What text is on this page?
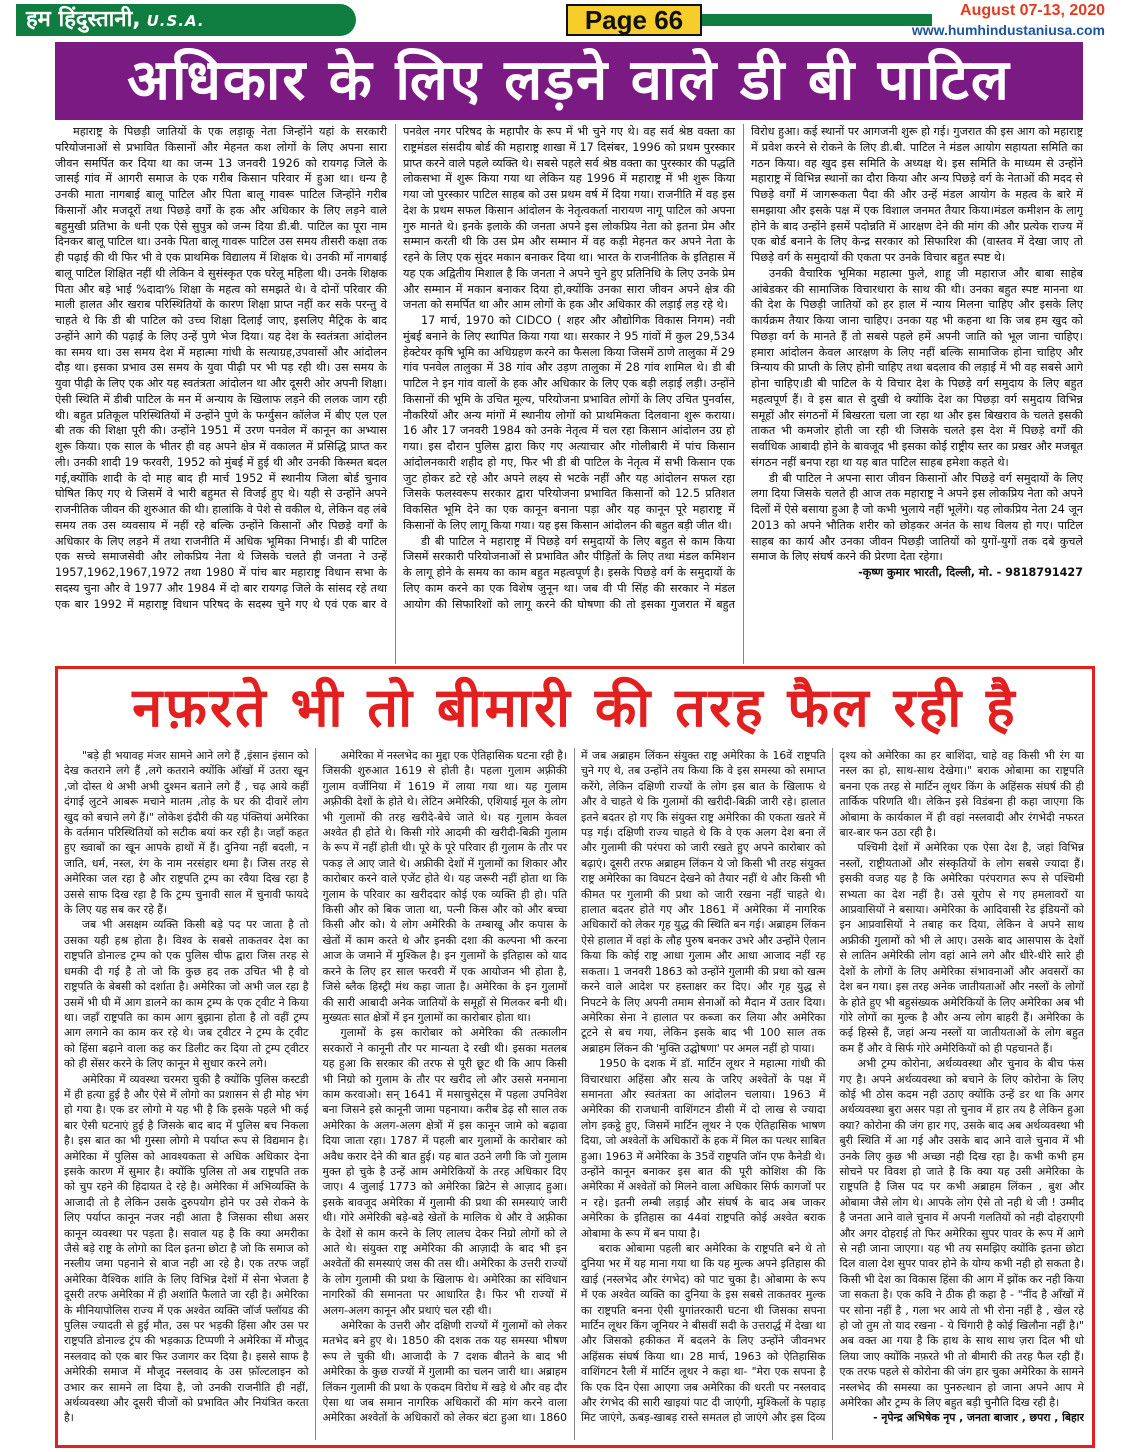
हम हिंदुस्तानी, U.S.A.	Page 66	August 07-13, 2020
www.humhindustaniusa.com
अधिकार के लिए लड़ने वाले डी बी पाटिल

महाराष्ट्र के पिछड़ी जातियों के एक लड़ाकू नेता जिन्होंने यहां के सरकारी परियोजनाओं से प्रभावित किसानों और मेहनत कश लोगों के लिए अपना सारा जीवन समर्पित कर दिया था का जन्म 13 जनवरी 1926 को रायगढ़ जिले के जासई गांव में आगरी समाज के एक गरीब किसान परिवार में हुआ था। धन्य है उनकी माता नागबाई बालू पाटिल और पिता बालू गावरू पाटिल जिन्होंने गरीब किसानों और मजदूरों तथा पिछड़े वर्गों के हक और अधिकार के लिए लड़ने वाले बहुमुखी प्रतिभा के धनी एक ऐसे सुपुत्र को जन्म दिया डी.बी. पाटिल का पूरा नाम दिनकर बालू पाटिल था। उनके पिता बालू गावरू पाटिल उस समय तीसरी कक्षा तक ही पढ़ाई की थी फिर भी वे एक प्राथमिक विद्यालय में शिक्षक थे। उनकी माँ नागबाई बालू पाटिल शिक्षित नहीं थी लेकिन वे सुसंस्कृत एक घरेलू महिला थी। उनके शिक्षक पिता और बड़े भाई %दादा% शिक्षा के महत्व को समझते थे। वे दोनों परिवार की माली हालत और खराब परिस्थितियों के कारण शिक्षा प्राप्त नहीं कर सके परन्तु वे चाहते थे कि डी बी पाटिल को उच्च शिक्षा दिलाई जाए, इसलिए मैट्रिक के बाद उन्होंने आगे की पढ़ाई के लिए उन्हें पुणे भेज दिया। यह देश के स्वतंत्रता आंदोलन का समय था। उस समय देश में महात्मा गांधी के सत्याग्रह,उपवासों और आंदोलन दौड़ था। इसका प्रभाव उस समय के युवा पीढ़ी पर भी पड़ रही थी। उस समय के युवा पीढ़ी के लिए एक ओर यह स्वतंत्रता आंदोलन था और दूसरी ओर अपनी शिक्षा। ऐसी स्थिति में डीबी पाटिल के मन में अन्याय के खिलाफ लड़ने की ललक जाग रही थी। बहुत प्रतिकूल परिस्थितियों में उन्होंने पुणे के फर्ग्युसन कॉलेज में बीए एल एल बी तक की शिक्षा पूरी की। उन्होंने 1951 में उरण पनवेल में कानून का अभ्यास शुरू किया। एक साल के भीतर ही वह अपने क्षेत्र में वकालत में प्रसिद्धि प्राप्त कर ली। उनकी शादी 19 फरवरी, 1952 को मुंबई में हुई थी और उनकी किस्मत बदल गई,क्योंकि शादी के दो माह बाद ही मार्च 1952 में स्थानीय जिला बोर्ड चुनाव घोषित किए गए थे जिसमें वे भारी बहुमत से विजई हुए थे। यही से उन्होंने अपने राजनीतिक जीवन की शुरुआत की थी। हालांकि वे पेशे से वकील थे, लेकिन वह लंबे समय तक उस व्यवसाय में नहीं रहे बल्कि उन्होंने किसानों और पिछड़े वर्गों के अधिकार के लिए लड़ने में तथा राजनीति में अधिक भूमिका निभाई। डी बी पाटिल एक सच्चे समाजसेवी और लोकप्रिय नेता थे जिसके चलते ही जनता ने उन्हें 1957,1962,1967,1972 तथा 1980 में पांच बार महाराष्ट्र विधान सभा के सदस्य चुना और वे 1977 और 1984 में दो बार रायगढ़ जिले के सांसद रहे तथा एक बार 1992 में महाराष्ट्र विधान परिषद के सदस्य चुने गए थे एवं एक बार वे पनवेल नगर परिषद के महापौर के रूप में भी चुने गए थे। वह सर्व श्रेष्ठ वक्ता का राष्ट्रमंडल संसदीय बोर्ड की महाराष्ट्र शाखा में 17 दिसंबर, 1996 को प्रथम पुरस्कार प्राप्त करने वाले पहले व्यक्ति थे। सबसे पहले सर्व श्रेष्ठ वक्ता का पुरस्कार की पद्धति लोकसभा में शुरू किया गया था लेकिन यह 1996 में महाराष्ट्र में भी शुरू किया गया जो पुरस्कार पाटिल साहब को उस प्रथम वर्ष में दिया गया। राजनीति में वह इस देश के प्रथम सफल किसान आंदोलन के नेतृत्वकर्ता नारायण नागू पाटिल को अपना गुरु मानते थे। इनके इलाके की जनता अपने इस लोकप्रिय नेता को इतना प्रेम और सम्मान करती थी कि उस प्रेम और सम्मान में वह कड़ी मेहनत कर अपने नेता के रहने के लिए एक सुंदर मकान बनाकर दिया था। भारत के राजनीतिक के इतिहास में यह एक अद्वितीय मिशाल है कि जनता ने अपने चुने हुए प्रतिनिधि के लिए उनके प्रेम और सम्मान में मकान बनाकर दिया हो,क्योंकि उनका सारा जीवन अपने क्षेत्र की जनता को समर्पित था और आम लोगों के हक और अधिकार की लड़ाई लड़ रहे थे।

17 मार्च, 1970 को CIDCO ( शहर और औद्योगिक विकास निगम) नवी मुंबई बनाने के लिए स्थापित किया गया था। सरकार ने 95 गांवों में कुल 29,534 हेक्टेयर कृषि भूमि का अधिग्रहण करने का फैसला किया जिसमें ठाणे तालुका में 29 गांव पनवेल तालुका में 38 गांव और उड़ण तालुका में 28 गांव शामिल थे। डी बी पाटिल ने इन गांव वालों के हक और अधिकार के लिए एक बड़ी लड़ाई लड़ी। उन्होंने किसानों की भूमि के उचित मूल्य, परियोजना प्रभावित लोगों के लिए उचित पुनर्वास, नौकरियों और अन्य मांगों में स्थानीय लोगों को प्राथमिकता दिलवाना शुरू कराया। 16 और 17 जनवरी 1984 को उनके नेतृत्व में चल रहा किसान आंदोलन उग्र हो गया। इस दौरान पुलिस द्वारा किए गए अत्याचार और गोलीबारी में पांच किसान आंदोलनकारी शहीद हो गए, फिर भी डी बी पाटिल के नेतृत्व में सभी किसान एक जुट होकर डटे रहे और अपने लक्ष्य से भटके नहीं और यह आंदोलन सफल रहा जिसके फलस्वरूप सरकार द्वारा परियोजना प्रभावित किसानों को 12.5 प्रतिशत विकसित भूमि देने का एक कानून बनाना पड़ा और यह कानून पूरे महाराष्ट्र में किसानों के लिए लागू किया गया। यह इस किसान आंदोलन की बहुत बड़ी जीत थी।

डी बी पाटिल ने महाराष्ट्र में पिछड़े वर्ग समुदायों के लिए बहुत से काम किया जिसमें सरकारी परियोजनाओं से प्रभावित और पीड़ितों के लिए तथा मंडल कमिशन के लागू होने के समय का काम बहुत महत्वपूर्ण है। इसके पिछड़े वर्ग के समुदायों के लिए काम करने का एक विशेष जुनून था। जब वी पी सिंह की सरकार ने मंडल आयोग की सिफारिशों को लागू करने की घोषणा की तो इसका गुजरात में बहुत विरोध हुआ। कई स्थानों पर आगजनी शुरू हो गई। गुजरात की इस आग को महाराष्ट्र में प्रवेश करने से रोकने के लिए डी.बी. पाटिल ने मंडल आयोग सहायता समिति का गठन किया। वह खुद इस समिति के अध्यक्ष थे। इस समिति के माध्यम से उन्होंने महाराष्ट्र में विभिन्न स्थानों का दौरा किया और अन्य पिछड़े वर्ग के नेताओं की मदद से पिछड़े वर्गों में जागरूकता पैदा की और उन्हें मंडल आयोग के महत्व के बारे में समझाया और इसके पक्ष में एक विशाल जनमत तैयार किया।मंडल कमीशन के लागू होने के बाद उन्होंने इसमें पदोन्नति में आरक्षण देने की मांग की और प्रत्येक राज्य में एक बोर्ड बनाने के लिए केन्द्र सरकार को सिफारिश की (वास्तव में देखा जाए तो पिछड़े वर्ग के समुदायों की एकता पर उनके विचार बहुत स्पष्ट थे।

उनकी वैचारिक भूमिका महात्मा फुले, शाहू जी महाराज और बाबा साहेब आंबेडकर की सामाजिक विचारधारा के साथ की थी। उनका बहुत स्पष्ट मानना था की देश के पिछड़ी जातियों को हर हाल में न्याय मिलना चाहिए और इसके लिए कार्यक्रम तैयार किया जाना चाहिए। उनका यह भी कहना था कि जब हम खुद को पिछड़ा वर्ग के मानते हैं तो सबसे पहले हमें अपनी जाति को भूल जाना चाहिए। हमारा आंदोलन केवल आरक्षण के लिए नहीं बल्कि सामाजिक होना चाहिए और त्रिन्याय की प्राप्ती के लिए होनी चाहिए तथा बदलाव की लड़ाई में भी वह सबसे आगे होना चाहिए।डी बी पाटिल के ये विचार देश के पिछड़े वर्ग समुदाय के लिए बहुत महत्वपूर्ण हैं। वे इस बात से दुखी थे क्योंकि देश का पिछड़ा वर्ग समुदाय विभिन्न समूहों और संगठनों में बिखरता चला जा रहा था और इस बिखराव के चलते इसकी ताकत भी कमजोर होती जा रही थी जिसके चलते इस देश में पिछड़े वर्गों की सर्वाधिक आबादी होने के बावजूद भी इसका कोई राष्ट्रीय स्तर का प्रखर और मजबूत संगठन नहीं बनपा रहा था यह बात पाटिल साहब हमेशा कहते थे।

डी बी पाटिल ने अपना सारा जीवन किसानों और पिछड़े वर्ग समुदायों के लिए लगा दिया जिसके चलते ही आज तक महाराष्ट्र ने अपने इस लोकप्रिय नेता को अपने दिलों में ऐसे बसाया हुआ है जो कभी भुलाये नहीं भूलेंगे। यह लोकप्रिय नेता 24 जून 2013 को अपने भौतिक शरीर को छोड़कर अनंत के साथ विलय हो गए। पाटिल साहब का कार्य और उनका जीवन पिछड़ी जातियों को युगों-युगों तक दबे कुचले समाज के लिए संघर्ष करने की प्रेरणा देता रहेगा।

-कृष्ण कुमार भारती, दिल्ली, मो. - 9818791427

नफ़रते भी तो बीमारी की तरह फैल रही है

"बड़े ही भयावह मंजर सामने आने लगे हैं ,इंसान इंसान को देख कतराने लगे हैं ,लगे कतराने क्योंकि आँखों में उतरा खून ,जो दोस्त थे अभी अभी दुश्मन बताने लगे हैं , चढ़ आये कहीं दंगाई लुटने आबरू मचाने मातम ,तोड़ के घर की दीवारें लोग खुद को बचाने लगे हैं।" लोकेश इंदौरी की यह पंक्तियां अमेरिका के वर्तमान परिस्थितियों को सटीक बयां कर रही है। जहाँ कहत हुए ख्वाबों का खून आपके हाथों में हैं। दुनिया नहीं बदली, न जाति, धर्म, नस्ल, रंग के नाम नरसंहार थमा है। जिस तरह से अमेरिका जल रहा है और राष्ट्रपति ट्रम्प का रवैया दिख रहा है उससे साफ दिख रहा है कि ट्रम्प चुनावी साल में चुनावी फायदे के लिए यह सब कर रहे हैं।

जब भी असक्षम व्यक्ति किसी बड़े पद पर जाता है तो उसका यही हश्र होता है। विश्व के सबसे ताकतवर देश का राष्ट्रपति डोनाल्ड ट्रम्प को एक पुलिस चीफ द्वारा जिस तरह से धमकी दी गई है तो जो कि कुछ हद तक उचित भी है वो राष्ट्रपति के बेबसी को दर्शाता है। अमेरिका जो अभी जल रहा है उसमें भी घी में आग डालने का काम ट्रम्प के एक ट्वीट ने किया था। जहाँ राष्ट्रपति का काम आग बुझाना होता है तो वहीं ट्रम्प आग लगाने का काम कर रहे थे। जब ट्वीटर ने ट्रम्प के ट्वीट को हिंसा बढ़ाने वाला कह कर डिलीट कर दिया तो ट्रम्प ट्वीटर को ही सेंसर करने के लिए कानून मे सुधार करने लगे।

अमेरिका में व्यवस्था चरमरा चुकी है क्योंकि पुलिस कस्टडी में ही हत्या हुई है और ऐसे में लोगो का प्रशासन से ही मोह भंग हो गया है। एक डर लोगो मे यह भी है कि इसके पहले भी कई बार ऐसी घटनाएं हुई है जिसके बाद बाद में पुलिस बच निकला है। इस बात का भी गुस्सा लोगो मे पर्याप्त रूप से विद्यमान है। अमेरिका में पुलिस को आवश्यकता से अधिक अधिकार देना इसके कारण में सुमार है। क्योंकि पुलिस तो अब राष्ट्रपति तक को चुप रहने की हिदायत दे रहे है। अमेरिका में अभिव्यक्ति के आजादी तो है लेकिन उसके दुरुपयोग होने पर उसे रोकने के लिए पर्याप्त कानून नजर नही आता है जिसका सीधा असर कानून व्यवस्था पर पड़ता है। सवाल यह है कि क्या अमरीका जैसे बड़े राष्ट्र के लोगो का दिल इतना छोटा है जो कि समाज को नस्लीय जमा पहनाने से बाज नही आ रहे है। एक तरफ जहाँ अमेरिका वैश्विक शांति के लिए विभिन्न देशों में सेना भेजता है दूसरी तरफ अमेरिका में ही अशांति फैलाते जा रही है। अमेरिका के मीनियापोलिस राज्य में एक अश्वेत व्यक्ति जॉर्ज फ्लॉयड की पुलिस ज्यादती से हुई मौत, उस पर भड़की हिंसा और उस पर राष्ट्रपति डोनाल्ड ट्रंप की भड़काऊ टिप्पणी ने अमेरिका में मौजूद नस्लवाद को एक बार फिर उजागर कर दिया है। इससे साफ है अमेरिकी समाज में मौजूद नस्लवाद के उस फ़ॉल्टलाइन को उभार कर सामने ला दिया है, जो उनकी राजनीति ही नहीं, अर्थव्यवस्था और दूसरी चीजों को प्रभावित और नियंत्रित करता है।

अमेरिका में नस्लभेद का मुद्दा एक ऐतिहासिक घटना रही है। जिसकी शुरुआत 1619 से होती है। पहला गुलाम अफ़्रीकी गुलाम वर्जीनिया में 1619 में लाया गया था। यह गुलाम अफ़्रीकी देशों के होते थे। लेटिन अमेरिकी, एशियाई मूल के लोग भी गुलामों की तरह खरीदे-बेचे जाते थे। यह गुलाम केवल अश्वेत ही होते थे। किसी गोरे आदमी की खरीदी-बिक्री गुलाम के रूप में नहीं होती थी। पूरे के पूरे परिवार ही गुलाम के तौर पर पकड़ ले आए जाते थे। अफ्रीकी देशों में गुलामों का शिकार और कारोबार करने वाले एजेंट होते थे। यह जरूरी नहीं होता था कि गुलाम के परिवार का खरीददार कोई एक व्यक्ति ही हो। पति किसी और को बिक जाता था, पत्नी किस और को और बच्चा किसी और को। ये लोग अमेरिकी के तम्बाखू और कपास के खेतों में काम करते थे और इनकी दशा की कल्पना भी करना आज के जमाने में मुश्किल है। इन गुलामों के इतिहास को याद करने के लिए हर साल फरवरी में एक आयोजन भी होता है, जिसे ब्लैक हिस्ट्री मंथ कहा जाता है। अमेरिका के इन गुलामों की सारी आबादी अनेक जातियों के समूहों से मिलकर बनी थी। मुख्यतः सात क्षेत्रों में इन गुलामों का कारोबार होता था।

गुलामों के इस कारोबार को अमेरिका की तत्कालीन सरकारों ने कानूनी तौर पर मान्यता दे रखी थी। इसका मतलब यह हुआ कि सरकार की तरफ से पूरी छूट थी कि आप किसी भी निग्रो को गुलाम के तौर पर खरीद लो और उससे मनमाना काम करवाओ। सन् 1641 में मसाचुसेट्स में पहला उपनिवेश बना जिसने इसे कानूनी जामा पहनाया। करीब डेढ़ सौ साल तक अमेरिका के अलग-अलग क्षेत्रों में इस कानून जामे को बढ़ावा दिया जाता रहा। 1787 में पहली बार गुलामों के कारोबार को अवैध करार देने की बात हुई। यह बात उठने लगी कि जो गुलाम मुक्त हो चुके है उन्हें आम अमेरिकियों के तरह अधिकार दिए जाए। 4 जुलाई 1773 को अमेरिका ब्रिटेन से आज़ाद हुआ। इसके बावजूद अमेरिका में गुलामी की प्रथा की समस्याएं जारी थी। गोरे अमेरिकी बड़े-बड़े खेतों के मालिक थे और वे अफ़्रीका के देशों से काम करने के लिए लालच देकर निग्रो लोगों को ले आते थे। संयुक्त राष्ट्र अमेरिका की आज़ादी के बाद भी इन अश्वेतों की समस्याएं जस की तस थी। अमेरिका के उत्तरी राज्यों के लोग गुलामी की प्रथा के खिलाफ थे। अमेरिका का संविधान नागरिकों की समानता पर आधारित है। फिर भी राज्यों में अलग-अलग कानून और प्रथाएं चल रही थी।

अमेरिका के उत्तरी और दक्षिणी राज्यों में गुलामों को लेकर मतभेद बने हुए थे। 1850 की दशक तक यह समस्या भीषण रूप ले चुकी थी। आजादी के 7 दशक बीतने के बाद भी अमेरिका के कुछ राज्यों में गुलामी का चलन जारी था। अब्राहम लिंकन गुलामी की प्रथा के एकदम विरोध में खड़े थे और वह दौर ऐसा था जब समान नागरिक अधिकारों की मांग करने वाला अमेरिका अश्वेतों के अधिकारों को लेकर बंटा हुआ था। 1860 में जब अब्राहम लिंकन संयुक्त राष्ट्र अमेरिका के 16वें राष्ट्रपति चुने गए थे, तब उन्होंने तय किया कि वे इस समस्या को समाप्त करेंगे, लेकिन दक्षिणी राज्यों के लोग इस बात के खिलाफ थे और वे चाहते थे कि गुलामों की खरीदी-बिक्री जारी रहे। हालात इतने बदतर हो गए कि संयुक्त राष्ट्र अमेरिका की एकता खतरे में पड़ गई। दक्षिणी राज्य चाहते थे कि वे एक अलग देश बना लें और गुलामी की परंपरा को जारी रखते हुए अपने कारोबार को बढ़ाएं। दूसरी तरफ अब्राहम लिंकन ये जो किसी भी तरह संयुक्त राष्ट्र अमेरिका का विघटन देखने को तैयार नहीं थे और किसी भी कीमत पर गुलामी की प्रथा को जारी रखना नहीं चाहते थे। हालात बदतर होते गए और 1861 में अमेरिका में नागरिक अधिकारों को लेकर गृह युद्ध की स्थिति बन गई। अब्राहम लिंकन ऐसे हालात में वहां के लौह पुरुष बनकर उभरे और उन्होंने ऐलान किया कि कोई राष्ट्र आधा गुलाम और आधा आजाद नहीं रह सकता। 1 जनवरी 1863 को उन्होंने गुलामी की प्रथा को खत्म करने वाले आदेश पर हस्ताक्षर कर दिए। और गृह युद्ध से निपटने के लिए अपनी तमाम सेनाओं को मैदान में उतार दिया। अमेरिका सेना ने हालात पर कब्जा कर लिया और अमेरिका टूटने से बच गया, लेकिन इसके बाद भी 100 साल तक अब्राहम लिंकन की 'मुक्ति उद्घोषणा' पर अमल नहीं हो पाया।

1950 के दशक में डॉ. मार्टिन लूथर ने महात्मा गांधी की विचारधारा अहिंसा और सत्य के जरिए अश्वेतों के पक्ष में समानता और स्वतंत्रता का आंदोलन चलाया। 1963 में अमेरिका की राजधानी वाशिंगटन डीसी में दो लाख से ज्यादा लोग इकट्ठे हुए, जिसमें मार्टिन लूथर ने एक ऐतिहासिक भाषण दिया, जो अश्वेतों के अधिकारों के हक में मिल का पत्थर साबित हुआ। 1963 में अमेरिका के 35वें राष्ट्रपति जॉन एफ कैनेडी थे। उन्होंने कानून बनाकर इस बात की पूरी कोशिश की कि अमेरिका में अश्वेतों को मिलने वाला अधिकार सिर्फ कागजों पर न रहे। इतनी लम्बी लड़ाई और संघर्ष के बाद अब जाकर अमेरिका के इतिहास का 44वां राष्ट्रपति कोई अश्वेत बराक ओबामा के रूप में बन पाया है।

बराक ओबामा पहली बार अमेरिका के राष्ट्रपति बने थे तो दुनिया भर में यह माना गया था कि यह मुल्क अपने इतिहास की खाई (नस्लभेद और रंगभेद) को पाट चुका है। ओबामा के रूप में एक अश्वेत व्यक्ति का दुनिया के इस सबसे ताकतवर मुल्क का राष्ट्रपति बनना ऐसी युगांतरकारी घटना थी जिसका सपना मार्टिन लूथर किंग जूनियर ने बीसवीं सदी के उत्तरार्द्ध में देखा था और जिसको हकीकत में बदलने के लिए उन्होंने जीवनभर अहिंसक संघर्ष किया था। 28 मार्च, 1963 को ऐतिहासिक वाशिंगटन रैली में मार्टिन लूथर ने कहा था- "मेरा एक सपना है कि एक दिन ऐसा आएगा जब अमेरिका की धरती पर नस्लवाद और रंगभेद की सारी खाइयां पाट दी जाएंगी, मुश्किलों के पहाड़ मिट जाएंगे, ऊबड़-खाबड़ रास्ते समतल हो जाएंगे और इस दिव्य दृश्य को अमेरिका का हर बाशिंदा, चाहे वह किसी भी रंग या नस्ल का हो, साथ-साथ देखेगा।" बराक ओबामा का राष्ट्रपति बनना एक तरह से मार्टिन लूथर किंग के अहिंसक संघर्ष की ही तार्किक परिणति थी। लेकिन इसे विडंबना ही कहा जाएगा कि ओबामा के कार्यकाल में ही वहां नस्लवादी और रंगभेदी नफरत बार-बार फन उठा रही है।

पश्चिमी देशों में अमेरिका एक ऐसा देश है, जहां विभिन्न नस्लों, राष्ट्रीयताओं और संस्कृतियों के लोग सबसे ज्यादा हैं। इसकी वजह यह है कि अमेरिका परंपरागत रूप से पश्चिमी सभ्यता का देश नहीं है। उसे यूरोप से गए हमलावरों या आप्रवासियों ने बसाया। अमेरिका के आदिवासी रेड इंडियनों को इन आप्रवासियों ने तबाह कर दिया, लेकिन वे अपने साथ अफ्रीकी गुलामों को भी ले आए। उसके बाद आसपास के देशों से लातिन अमेरिकी लोग वहां आने लगे और धीरे-धीरे सारे ही देशों के लोगों के लिए अमेरिका संभावनाओं और अवसरों का देश बन गया। इस तरह अनेक जातीयताओं और नस्लों के लोगों के होते हुए भी बहुसंख्यक अमेरिकियों के लिए अमेरिका अब भी गोरे लोगों का मुल्क है और अन्य लोग बाहरी हैं। अमेरिका के कई हिस्से हैं, जहां अन्य नस्लों या जातीयताओं के लोग बहुत कम हैं और वे सिर्फ गोरे अमेरिकियों को ही पहचानते हैं।

अभी ट्रम्प कोरोना, अर्थव्यवस्था और चुनाव के बीच फंस गए है। अपने अर्थव्यवस्था को बचाने के लिए कोरोना के लिए कोई भी ठोस कदम नही उठाए क्योंकि उन्हें डर था कि अगर अर्थव्यवस्था बुरा असर पड़ा तो चुनाव में हार तय है लेकिन हुआ क्या? कोरोना की जंग हार गए, उसके बाद अब अर्थव्यवस्था भी बुरी स्थिति में आ गई और उसके बाद आने वाले चुनाव में भी उनके लिए कुछ भी अच्छा नही दिख रहा है। कभी कभी हम सोचने पर विवश हो जाते है कि क्या यह उसी अमेरिका के राष्ट्रपति है जिस पद पर कभी अब्राहम लिंकन , बुश और ओबामा जैसे लोग थे। आपके लोग ऐसे तो नही थे जी ! उम्मीद है जनता आने वाले चुनाव में अपनी गलतियों को नही दोहराएगी और अगर दोहराई तो फिर अमेरिका सुपर पावर के रूप में आगे से नही जाना जाएगा। यह भी तय समझिए क्योंकि इतना छोटा दिल वाला देश सुपर पावर होने के योग्य कभी नही हो सकता है। किसी भी देश का विकास हिंसा की आग में झोंक कर नही किया जा सकता है। एक कवि ने ठीक ही कहा है - "नींद है आँखों में पर सोना नहीं है , गला भर आये तो भी रोना नहीं है , खेल रहे हो जो तुम तो याद रखना - ये चिंगारी है कोई खिलौना नहीं है।" अब वक्त आ गया है कि हाथ के साथ साथ ज़रा दिल भी धो लिया जाए क्योंकि नफ़रते भी तो बीमारी की तरह फैल रही हैं। एक तरफ पहले से कोरोना की जंग हार चुका अमेरिका के सामने नस्लभेद की समस्या का पुनरुत्थान हो जाना अपने आप मे अमेरिका और ट्रम्प के लिए बहुत बड़ी चुनौति दिख रही है।

- नृपेन्द्र अभिषेक नृप , जनता बाजार , छपरा , बिहार
